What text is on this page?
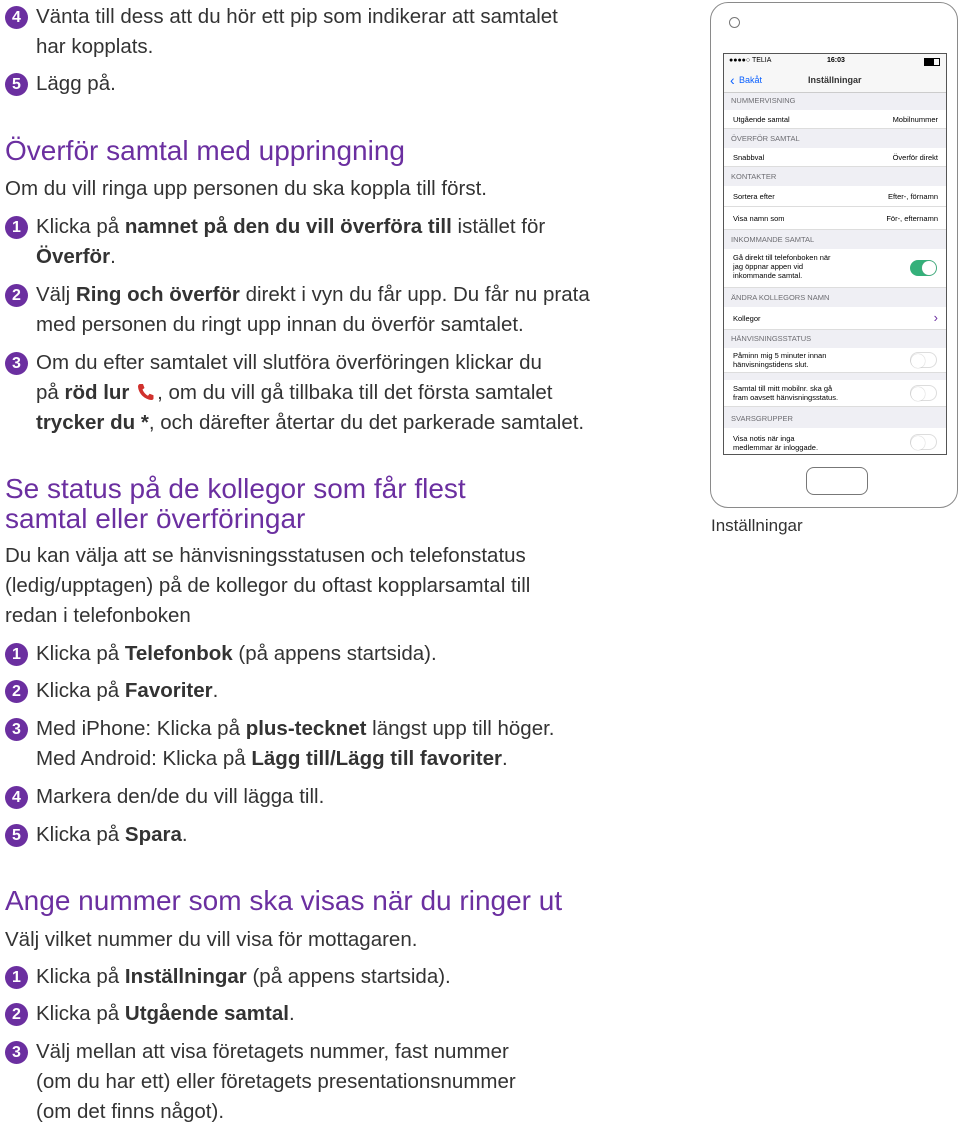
4 Vänta till dess att du hör ett pip som indikerar att samtalet
har kopplats.
5 Lägg på.
Överför samtal med uppringning
Om du vill ringa upp personen du ska koppla till först.
1 Klicka på namnet på den du vill överföra till istället för
Överför.
2 Välj Ring och överför direkt i vyn du får upp. Du får nu prata
med personen du ringt upp innan du överför samtalet.
3 Om du efter samtalet vill slutföra överföringen klickar du
på röd lur , om du vill gå tillbaka till det första samtalet
trycker du *, och därefter återtar du det parkerade samtalet.
Se status på de kollegor som får flest
samtal eller överföringar
Du kan välja att se hänvisningsstatusen och telefonstatus
(ledig/upptagen) på de kollegor du oftast kopplarsamtal till
redan i telefonboken
1 Klicka på Telefonbok (på appens startsida).
2 Klicka på Favoriter.
3 Med iPhone: Klicka på plus-tecknet längst upp till höger.
Med Android: Klicka på Lägg till/Lägg till favoriter.
4 Markera den/de du vill lägga till.
5 Klicka på Spara.
Ange nummer som ska visas när du ringer ut
Välj vilket nummer du vill visa för mottagaren.
1 Klicka på Inställningar (på appens startsida).
2 Klicka på Utgående samtal.
3 Välj mellan att visa företagets nummer, fast nummer
(om du har ett) eller företagets presentationsnummer
(om det finns något).
●●●●○ TELIA	16:03
‹ Bakåt	Inställningar
NUMMERVISNING
Utgående samtal	Mobilnummer
ÖVERFÖR SAMTAL
Snabbval	Överför direkt
KONTAKTER
Sortera efter	Efter-, förnamn
Visa namn som	För-, efternamn
INKOMMANDE SAMTAL
Gå direkt till telefonboken när
jag öppnar appen vid
inkommande samtal.
ÄNDRA KOLLEGORS NAMN
Kollegor	›
HÄNVISNINGSSTATUS
Påminn mig 5 minuter innan
hänvisningstidens slut.
Samtal till mitt mobilnr. ska gå
fram oavsett hänvisningsstatus.
SVARSGRUPPER
Visa notis när inga
medlemmar är inloggade.
Inställningar
